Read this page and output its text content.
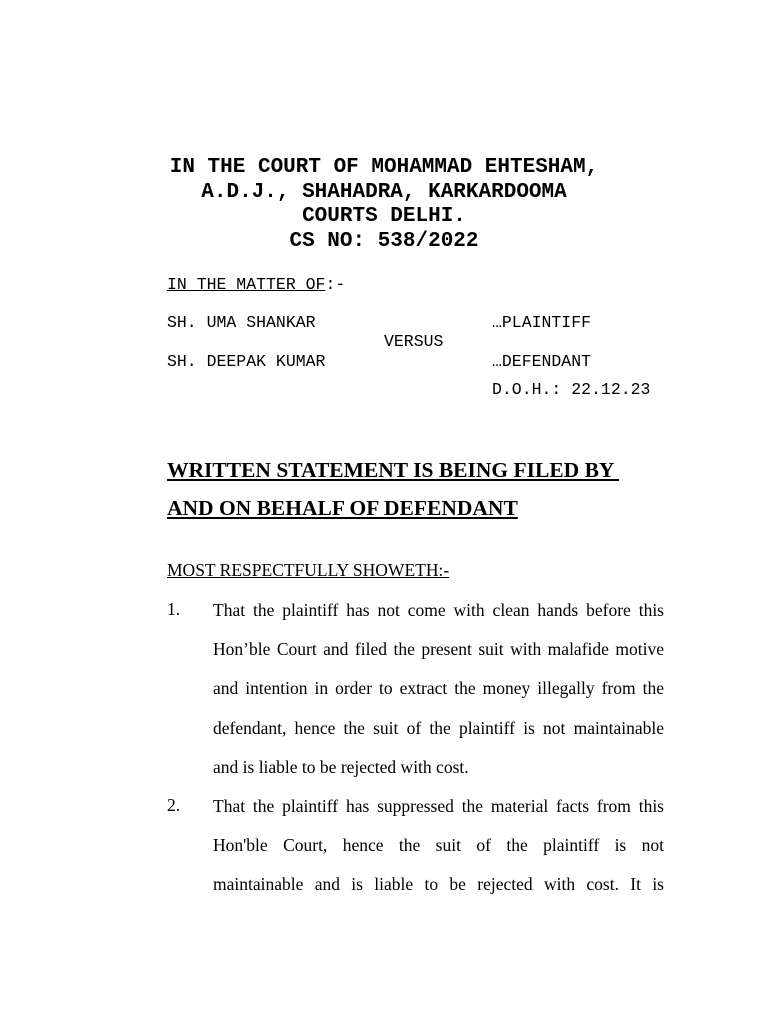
IN THE COURT OF MOHAMMAD EHTESHAM,
A.D.J., SHAHADRA, KARKARDOOMA
COURTS DELHI.
CS NO: 538/2022
IN THE MATTER OF:-
SH. UMA SHANKAR	…PLAINTIFF
VERSUS
SH. DEEPAK KUMAR	…DEFENDANT
D.O.H.: 22.12.23
WRITTEN STATEMENT IS BEING FILED BY
AND ON BEHALF OF DEFENDANT
MOST RESPECTFULLY SHOWETH:-
1. That the plaintiff has not come with clean hands before this
Hon’ble Court and filed the present suit with malafide motive
and intention in order to extract the money illegally from the
defendant, hence the suit of the plaintiff is not maintainable
and is liable to be rejected with cost.
2. That the plaintiff has suppressed the material facts from this
Hon'ble Court, hence the suit of the plaintiff is not
maintainable and is liable to be rejected with cost. It is
